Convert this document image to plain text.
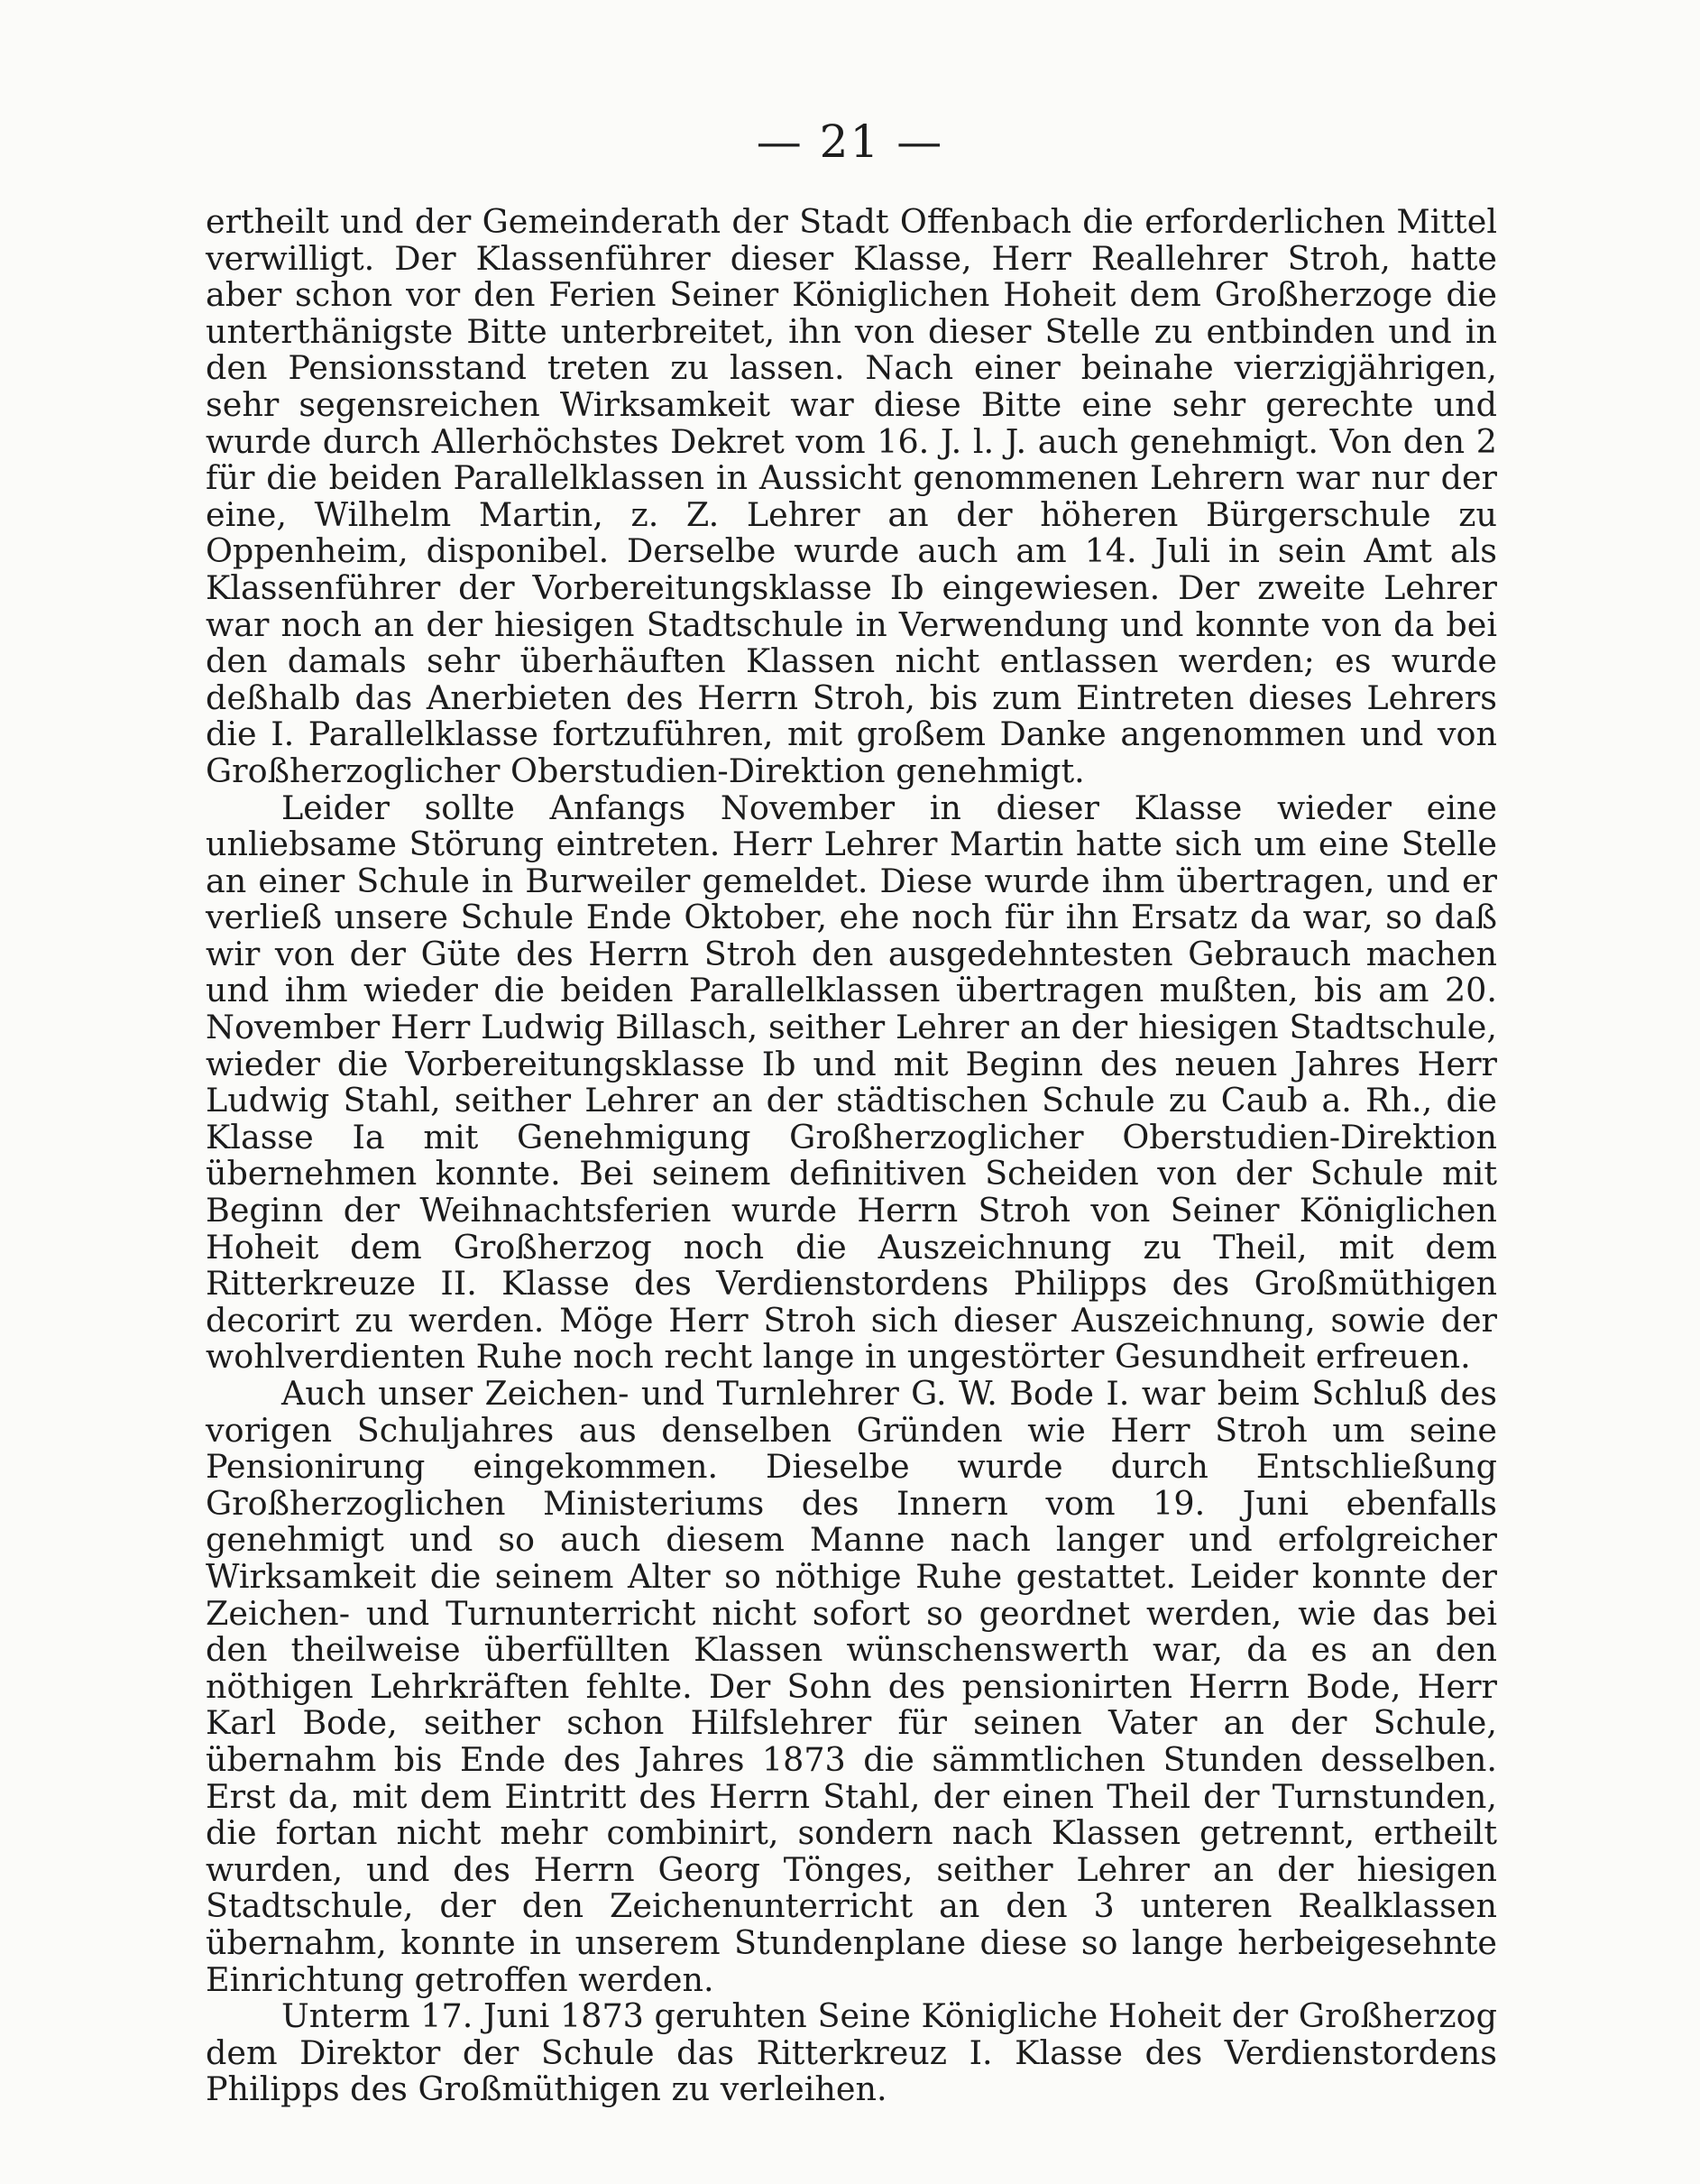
— 21 —

ertheilt und der Gemeinderath der Stadt Offenbach die erforderlichen Mittel verwilligt. Der Klassenführer dieser Klasse, Herr Reallehrer Stroh, hatte aber schon vor den Ferien Seiner Königlichen Hoheit dem Großherzoge die unterthänigste Bitte unterbreitet, ihn von dieser Stelle zu entbinden und in den Pensionsstand treten zu lassen. Nach einer beinahe vierzigjährigen, sehr segensreichen Wirksamkeit war diese Bitte eine sehr gerechte und wurde durch Allerhöchstes Dekret vom 16. J. l. J. auch genehmigt. Von den 2 für die beiden Parallelklassen in Aussicht genommenen Lehrern war nur der eine, Wilhelm Martin, z. Z. Lehrer an der höheren Bürgerschule zu Oppenheim, disponibel. Derselbe wurde auch am 14. Juli in sein Amt als Klassenführer der Vorbereitungsklasse Ib eingewiesen. Der zweite Lehrer war noch an der hiesigen Stadtschule in Verwendung und konnte von da bei den damals sehr überhäuften Klassen nicht entlassen werden; es wurde deßhalb das Anerbieten des Herrn Stroh, bis zum Eintreten dieses Lehrers die I. Parallelklasse fortzuführen, mit großem Danke angenommen und von Großherzoglicher Oberstudien-Direktion genehmigt.

Leider sollte Anfangs November in dieser Klasse wieder eine unliebsame Störung eintreten. Herr Lehrer Martin hatte sich um eine Stelle an einer Schule in Burweiler gemeldet. Diese wurde ihm übertragen, und er verließ unsere Schule Ende Oktober, ehe noch für ihn Ersatz da war, so daß wir von der Güte des Herrn Stroh den ausgedehntesten Gebrauch machen und ihm wieder die beiden Parallelklassen übertragen mußten, bis am 20. November Herr Ludwig Billasch, seither Lehrer an der hiesigen Stadtschule, wieder die Vorbereitungsklasse Ib und mit Beginn des neuen Jahres Herr Ludwig Stahl, seither Lehrer an der städtischen Schule zu Caub a. Rh., die Klasse Ia mit Genehmigung Großherzoglicher Oberstudien-Direktion übernehmen konnte. Bei seinem definitiven Scheiden von der Schule mit Beginn der Weihnachtsferien wurde Herrn Stroh von Seiner Königlichen Hoheit dem Großherzog noch die Auszeichnung zu Theil, mit dem Ritterkreuze II. Klasse des Verdienstordens Philipps des Großmüthigen decorirt zu werden. Möge Herr Stroh sich dieser Auszeichnung, sowie der wohlverdienten Ruhe noch recht lange in ungestörter Gesundheit erfreuen.

Auch unser Zeichen- und Turnlehrer G. W. Bode I. war beim Schluß des vorigen Schuljahres aus denselben Gründen wie Herr Stroh um seine Pensionirung eingekommen. Dieselbe wurde durch Entschließung Großherzoglichen Ministeriums des Innern vom 19. Juni ebenfalls genehmigt und so auch diesem Manne nach langer und erfolgreicher Wirksamkeit die seinem Alter so nöthige Ruhe gestattet. Leider konnte der Zeichen- und Turnunterricht nicht sofort so geordnet werden, wie das bei den theilweise überfüllten Klassen wünschenswerth war, da es an den nöthigen Lehrkräften fehlte. Der Sohn des pensionirten Herrn Bode, Herr Karl Bode, seither schon Hilfslehrer für seinen Vater an der Schule, übernahm bis Ende des Jahres 1873 die sämmtlichen Stunden desselben. Erst da, mit dem Eintritt des Herrn Stahl, der einen Theil der Turnstunden, die fortan nicht mehr combinirt, sondern nach Klassen getrennt, ertheilt wurden, und des Herrn Georg Tönges, seither Lehrer an der hiesigen Stadtschule, der den Zeichenunterricht an den 3 unteren Realklassen übernahm, konnte in unserem Stundenplane diese so lange herbeigesehnte Einrichtung getroffen werden.

Unterm 17. Juni 1873 geruhten Seine Königliche Hoheit der Großherzog dem Direktor der Schule das Ritterkreuz I. Klasse des Verdienstordens Philipps des Großmüthigen zu verleihen.
